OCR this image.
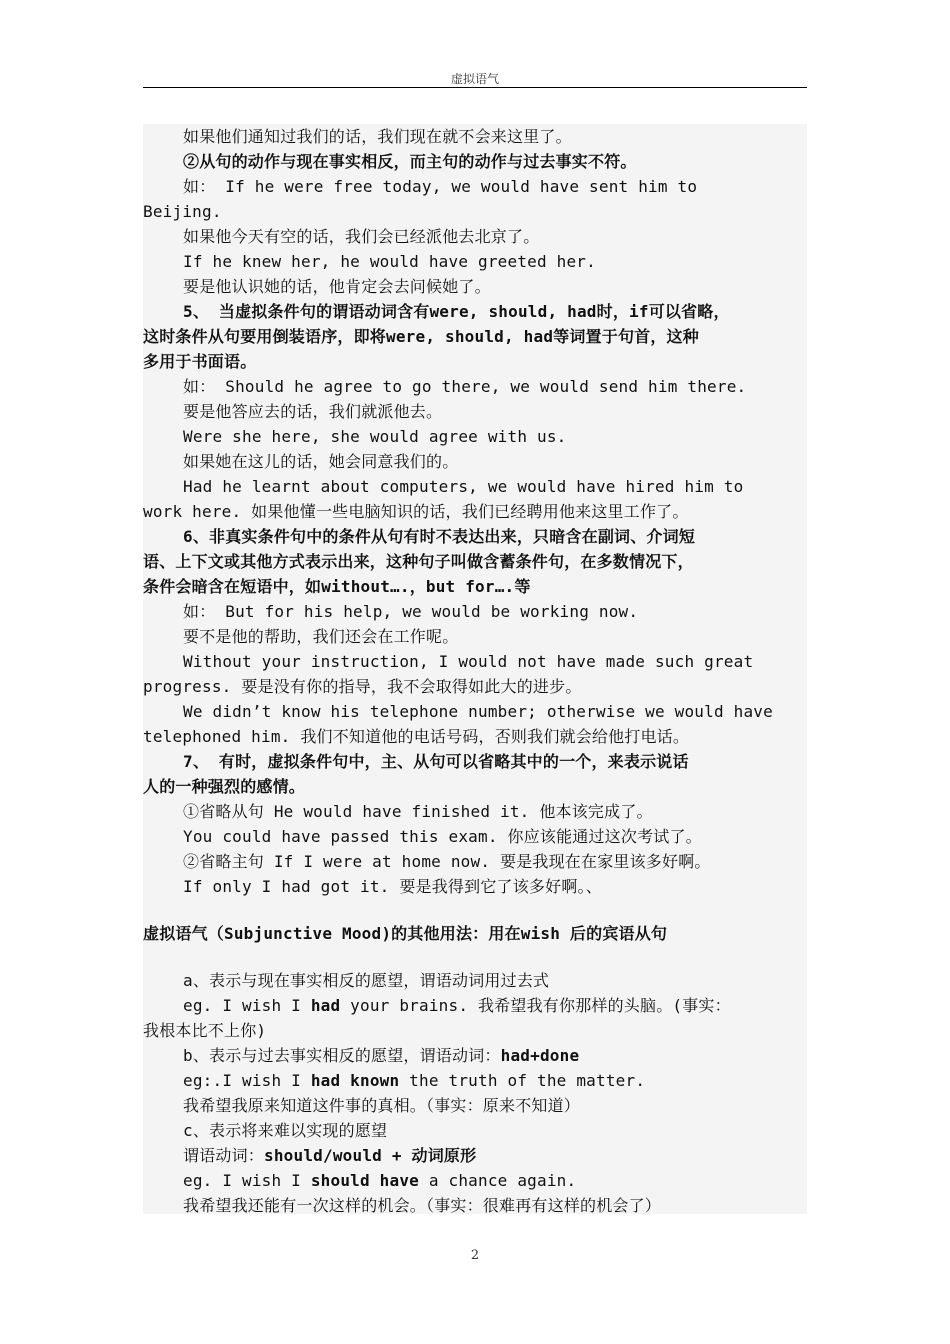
虚拟语气
如果他们通知过我们的话，我们现在就不会来这里了。
②从句的动作与现在事实相反，而主句的动作与过去事实不符。
如： If he were free today, we would have sent him to
Beijing.
如果他今天有空的话，我们会已经派他去北京了。
If he knew her, he would have greeted her.
要是他认识她的话，他肯定会去问候她了。
5、 当虚拟条件句的谓语动词含有were, should, had时，if可以省略，
这时条件从句要用倒装语序，即将were, should, had等词置于句首，这种
多用于书面语。
如： Should he agree to go there, we would send him there.
要是他答应去的话，我们就派他去。
Were she here, she would agree with us.
如果她在这儿的话，她会同意我们的。
Had he learnt about computers, we would have hired him to
work here. 如果他懂一些电脑知识的话，我们已经聘用他来这里工作了。
6、非真实条件句中的条件从句有时不表达出来，只暗含在副词、介词短
语、上下文或其他方式表示出来，这种句子叫做含蓄条件句，在多数情况下，
条件会暗含在短语中，如without….，but for….等
如： But for his help, we would be working now.
要不是他的帮助，我们还会在工作呢。
Without your instruction, I would not have made such great
progress. 要是没有你的指导，我不会取得如此大的进步。
We didn’t know his telephone number; otherwise we would have
telephoned him. 我们不知道他的电话号码，否则我们就会给他打电话。
7、 有时，虚拟条件句中，主、从句可以省略其中的一个，来表示说话
人的一种强烈的感情。
①省略从句 He would have finished it. 他本该完成了。
You could have passed this exam. 你应该能通过这次考试了。
②省略主句 If I were at home now. 要是我现在在家里该多好啊。
If only I had got it. 要是我得到它了该多好啊。、
虚拟语气（Subjunctive Mood)的其他用法：用在wish 后的宾语从句
a、表示与现在事实相反的愿望，谓语动词用过去式
eg. I wish I had your brains. 我希望我有你那样的头脑。(事实：
我根本比不上你)
b、表示与过去事实相反的愿望，谓语动词：had+done
eg:.I wish I had known the truth of the matter.
我希望我原来知道这件事的真相。（事实：原来不知道）
c、表示将来难以实现的愿望
谓语动词：should/would + 动词原形
eg. I wish I should have a chance again.
我希望我还能有一次这样的机会。（事实：很难再有这样的机会了）
2
